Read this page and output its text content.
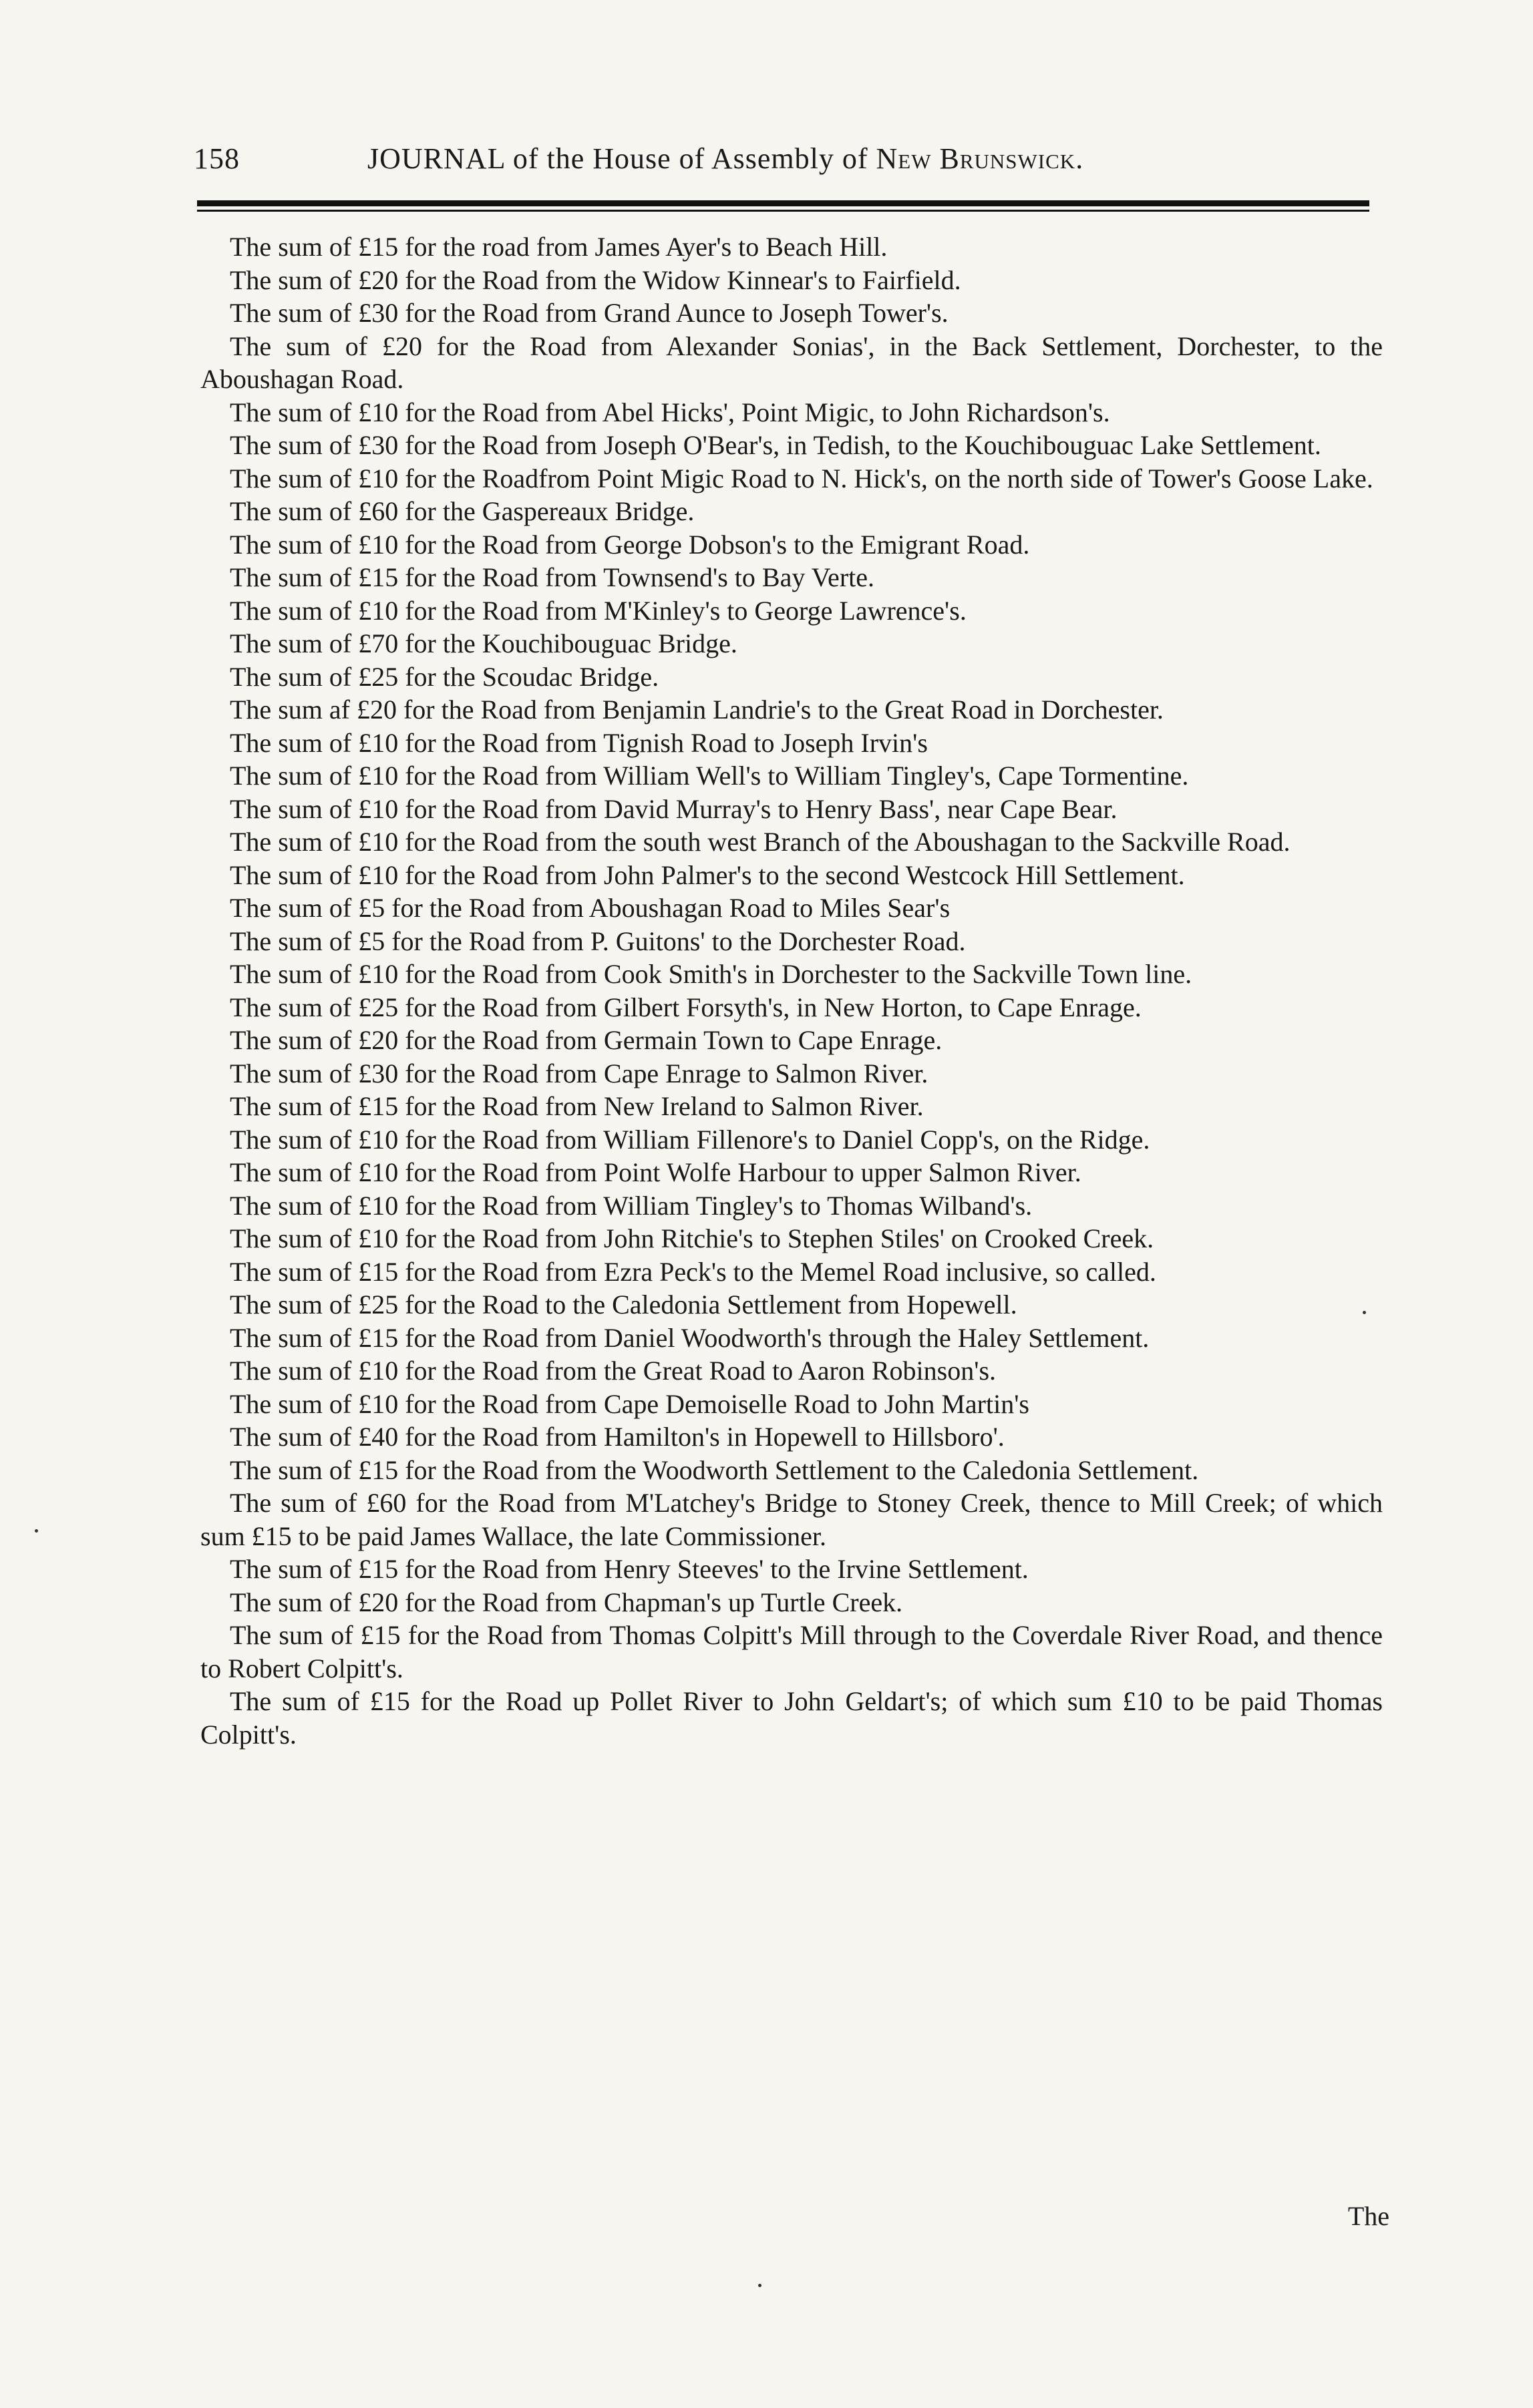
158	JOURNAL of the House of Assembly of New Brunswick.
The sum of £15 for the road from James Ayer's to Beach Hill.
The sum of £20 for the Road from the Widow Kinnear's to Fairfield.
The sum of £30 for the Road from Grand Aunce to Joseph Tower's.
The sum of £20 for the Road from Alexander Sonias', in the Back Settlement, Dorchester, to the Aboushagan Road.
The sum of £10 for the Road from Abel Hicks', Point Migic, to John Richardson's.
The sum of £30 for the Road from Joseph O'Bear's, in Tedish, to the Kouchibouguac Lake Settlement.
The sum of £10 for the Roadfrom Point Migic Road to N. Hick's, on the north side of Tower's Goose Lake.
The sum of £60 for the Gaspereaux Bridge.
The sum of £10 for the Road from George Dobson's to the Emigrant Road.
The sum of £15 for the Road from Townsend's to Bay Verte.
The sum of £10 for the Road from M'Kinley's to George Lawrence's.
The sum of £70 for the Kouchibouguac Bridge.
The sum of £25 for the Scoudac Bridge.
The sum af £20 for the Road from Benjamin Landrie's to the Great Road in Dorchester.
The sum of £10 for the Road from Tignish Road to Joseph Irvin's
The sum of £10 for the Road from William Well's to William Tingley's, Cape Tormentine.
The sum of £10 for the Road from David Murray's to Henry Bass', near Cape Bear.
The sum of £10 for the Road from the south west Branch of the Aboushagan to the Sackville Road.
The sum of £10 for the Road from John Palmer's to the second Westcock Hill Settlement.
The sum of £5 for the Road from Aboushagan Road to Miles Sear's
The sum of £5 for the Road from P. Guitons' to the Dorchester Road.
The sum of £10 for the Road from Cook Smith's in Dorchester to the Sackville Town line.
The sum of £25 for the Road from Gilbert Forsyth's, in New Horton, to Cape Enrage.
The sum of £20 for the Road from Germain Town to Cape Enrage.
The sum of £30 for the Road from Cape Enrage to Salmon River.
The sum of £15 for the Road from New Ireland to Salmon River.
The sum of £10 for the Road from William Fillenore's to Daniel Copp's, on the Ridge.
The sum of £10 for the Road from Point Wolfe Harbour to upper Salmon River.
The sum of £10 for the Road from William Tingley's to Thomas Wilband's.
The sum of £10 for the Road from John Ritchie's to Stephen Stiles' on Crooked Creek.
The sum of £15 for the Road from Ezra Peck's to the Memel Road inclusive, so called.
The sum of £25 for the Road to the Caledonia Settlement from Hopewell.
The sum of £15 for the Road from Daniel Woodworth's through the Haley Settlement.
The sum of £10 for the Road from the Great Road to Aaron Robinson's.
The sum of £10 for the Road from Cape Demoiselle Road to John Martin's
The sum of £40 for the Road from Hamilton's in Hopewell to Hillsboro'.
The sum of £15 for the Road from the Woodworth Settlement to the Caledonia Settlement.
The sum of £60 for the Road from M'Latchey's Bridge to Stoney Creek, thence to Mill Creek; of which sum £15 to be paid James Wallace, the late Commissioner.
The sum of £15 for the Road from Henry Steeves' to the Irvine Settlement.
The sum of £20 for the Road from Chapman's up Turtle Creek.
The sum of £15 for the Road from Thomas Colpitt's Mill through to the Coverdale River Road, and thence to Robert Colpitt's.
The sum of £15 for the Road up Pollet River to John Geldart's; of which sum £10 to be paid Thomas Colpitt's.
The
